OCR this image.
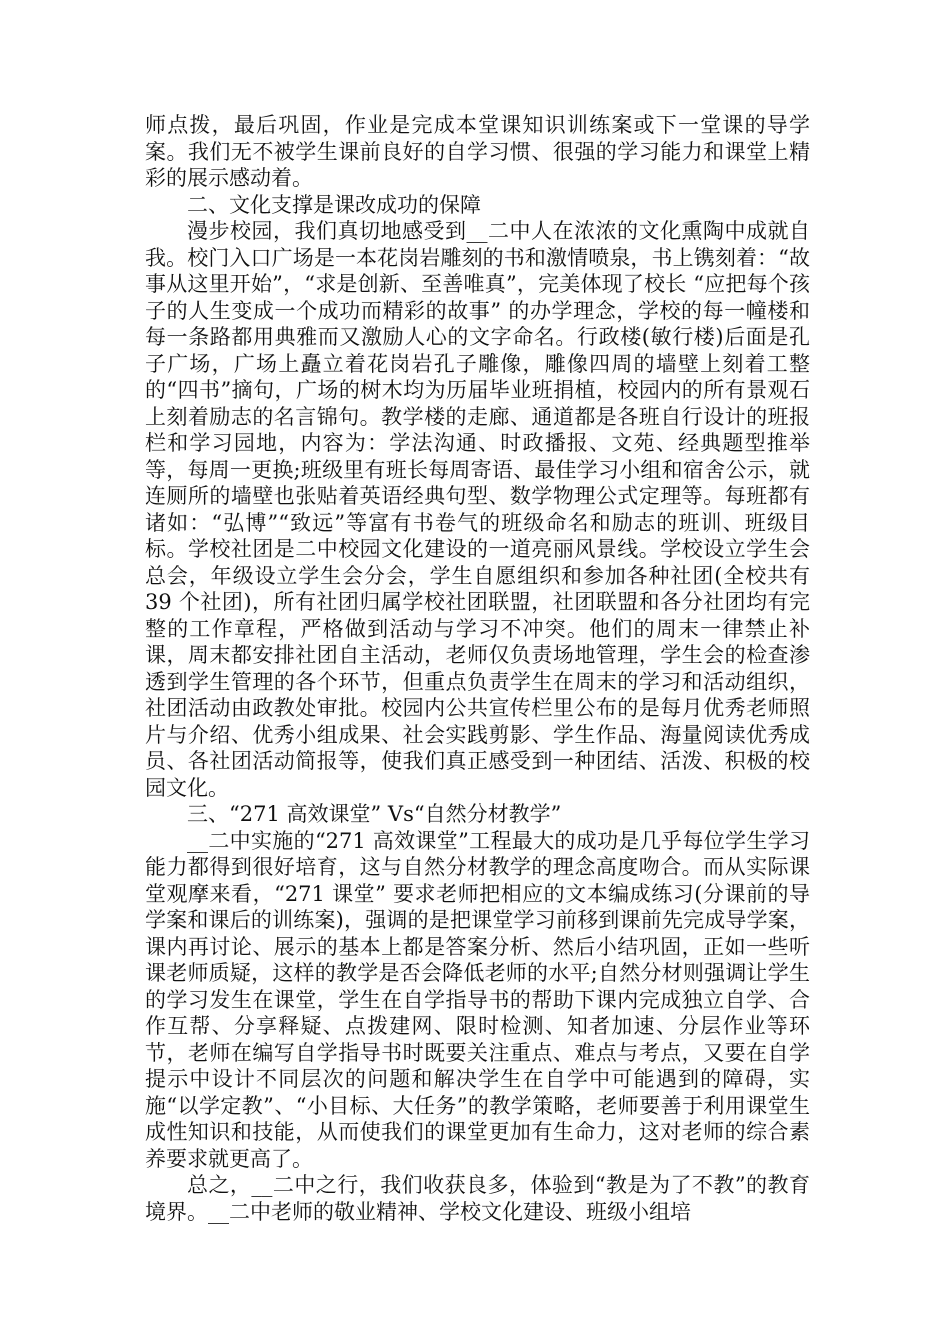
师点拨，最后巩固，作业是完成本堂课知识训练案或下一堂课的导学案。我们无不被学生课前良好的自学习惯、很强的学习能力和课堂上精彩的展示感动着。

二、文化支撑是课改成功的保障

漫步校园，我们真切地感受到__二中人在浓浓的文化熏陶中成就自我。校门入口广场是一本花岗岩雕刻的书和激情喷泉，书上镌刻着：“故事从这里开始”，“求是创新、至善唯真”，完美体现了校长 “应把每个孩子的人生变成一个成功而精彩的故事” 的办学理念，学校的每一幢楼和每一条路都用典雅而又激励人心的文字命名。行政楼(敏行楼)后面是孔子广场，广场上矗立着花岗岩孔子雕像，雕像四周的墙壁上刻着工整的“四书”摘句，广场的树木均为历届毕业班捐植，校园内的所有景观石上刻着励志的名言锦句。教学楼的走廊、通道都是各班自行设计的班报栏和学习园地，内容为：学法沟通、时政播报、文苑、经典题型推举等，每周一更换;班级里有班长每周寄语、最佳学习小组和宿舍公示，就连厕所的墙壁也张贴着英语经典句型、数学物理公式定理等。每班都有诸如：“弘博”“致远”等富有书卷气的班级命名和励志的班训、班级目标。学校社团是二中校园文化建设的一道亮丽风景线。学校设立学生会总会，年级设立学生会分会，学生自愿组织和参加各种社团(全校共有 39 个社团)，所有社团归属学校社团联盟，社团联盟和各分社团均有完整的工作章程，严格做到活动与学习不冲突。他们的周末一律禁止补课，周末都安排社团自主活动，老师仅负责场地管理，学生会的检查渗透到学生管理的各个环节，但重点负责学生在周末的学习和活动组织，社团活动由政教处审批。校园内公共宣传栏里公布的是每月优秀老师照片与介绍、优秀小组成果、社会实践剪影、学生作品、海量阅读优秀成员、各社团活动简报等，使我们真正感受到一种团结、活泼、积极的校园文化。

三、“271 高效课堂” Vs“自然分材教学”

__二中实施的“271 高效课堂”工程最大的成功是几乎每位学生学习能力都得到很好培育，这与自然分材教学的理念高度吻合。而从实际课堂观摩来看，“271 课堂” 要求老师把相应的文本编成练习(分课前的导学案和课后的训练案)，强调的是把课堂学习前移到课前先完成导学案，课内再讨论、展示的基本上都是答案分析、然后小结巩固，正如一些听课老师质疑，这样的教学是否会降低老师的水平;自然分材则强调让学生的学习发生在课堂，学生在自学指导书的帮助下课内完成独立自学、合作互帮、分享释疑、点拨建网、限时检测、知者加速、分层作业等环节，老师在编写自学指导书时既要关注重点、难点与考点，又要在自学提示中设计不同层次的问题和解决学生在自学中可能遇到的障碍，实施“以学定教”、“小目标、大任务”的教学策略，老师要善于利用课堂生成性知识和技能，从而使我们的课堂更加有生命力，这对老师的综合素养要求就更高了。

总之，__二中之行，我们收获良多，体验到“教是为了不教”的教育境界。__二中老师的敬业精神、学校文化建设、班级小组培
